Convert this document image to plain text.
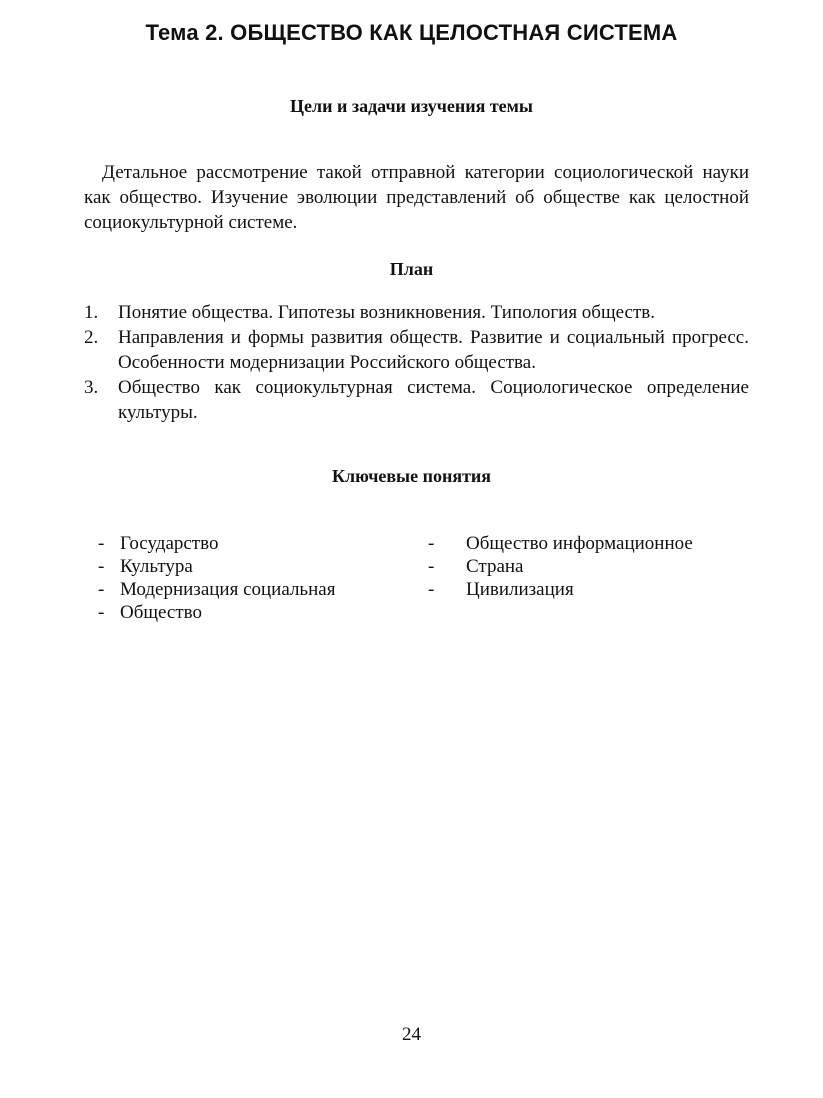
Тема 2. ОБЩЕСТВО КАК ЦЕЛОСТНАЯ СИСТЕМА
Цели и задачи изучения темы

Детальное рассмотрение такой отправной категории социологической науки как общество. Изучение эволюции представлений об обществе как целостной социокультурной системе.

План
1. Понятие общества. Гипотезы возникновения. Типология обществ.
2. Направления и формы развития обществ. Развитие и социальный прогресс. Особенности модернизации Российского общества.
3. Общество как социокультурная система. Социологическое определение культуры.
Ключевые понятия
- Государство
- Культура
- Модернизация социальная
- Общество
- Общество информационное
- Страна
- Цивилизация
24
